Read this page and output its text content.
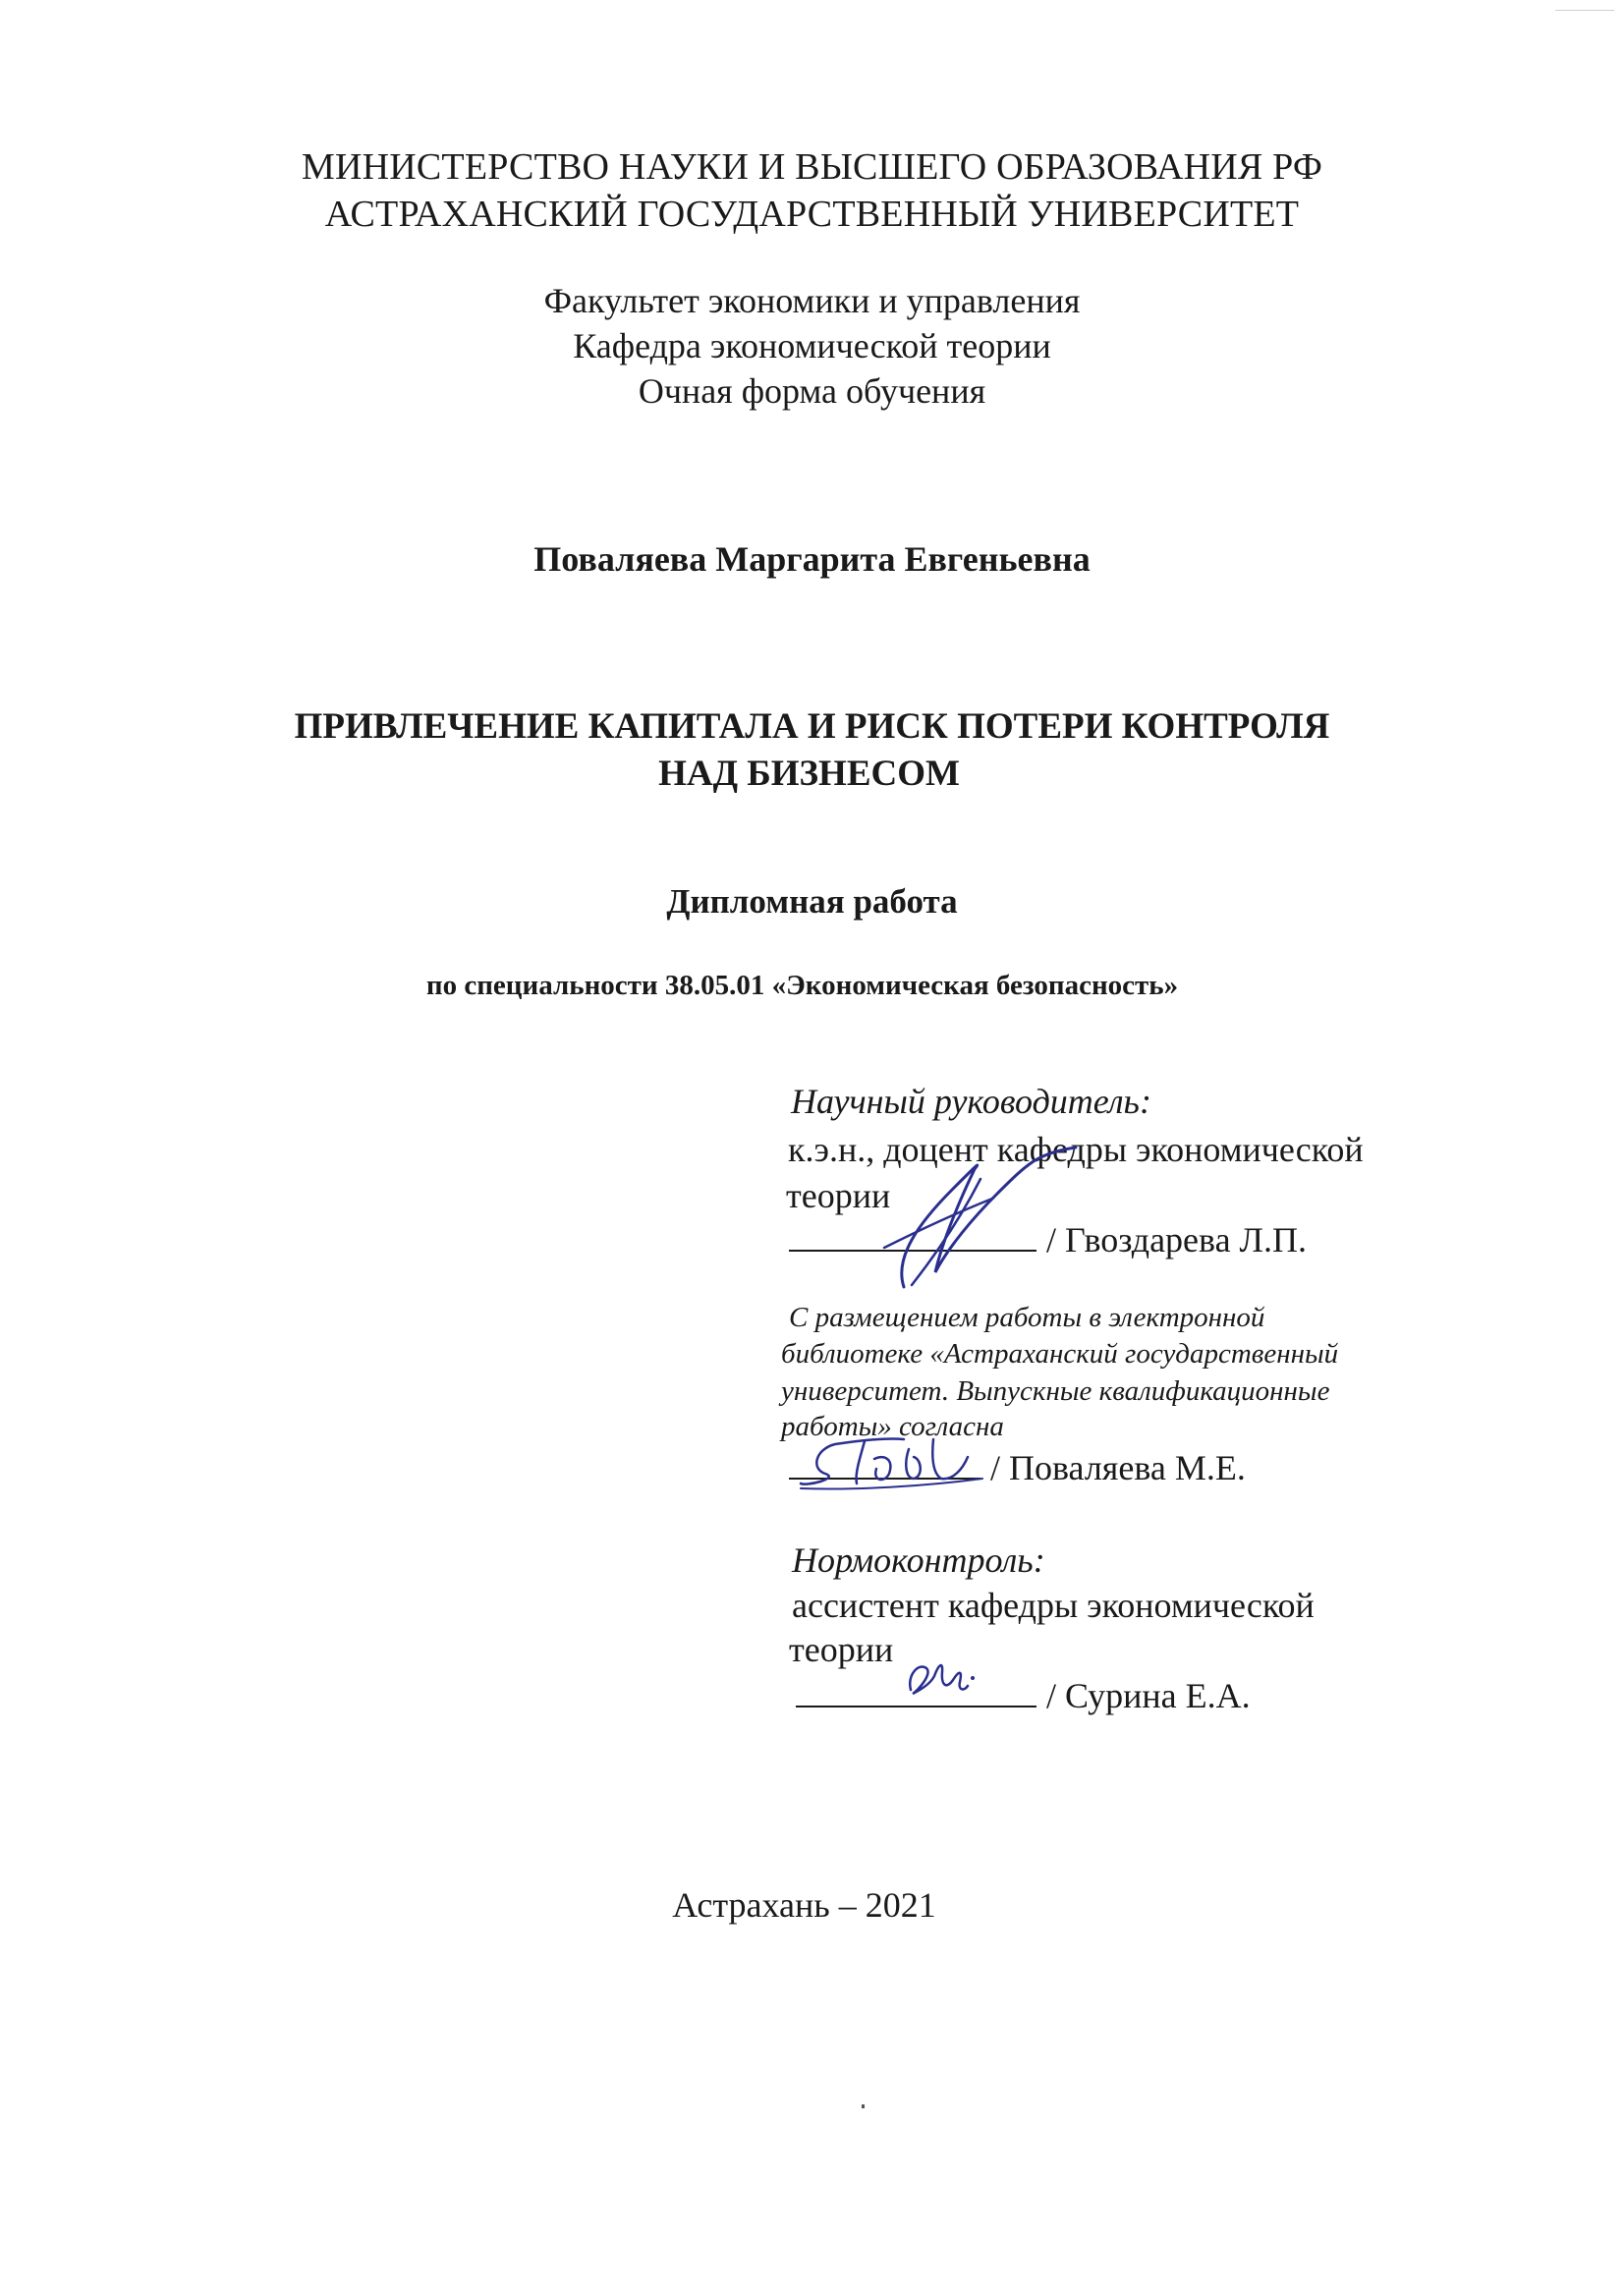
МИНИСТЕРСТВО НАУКИ И ВЫСШЕГО ОБРАЗОВАНИЯ РФ
АСТРАХАНСКИЙ ГОСУДАРСТВЕННЫЙ УНИВЕРСИТЕТ
Факультет экономики и управления
Кафедра экономической теории
Очная форма обучения
Поваляева Маргарита Евгеньевна
ПРИВЛЕЧЕНИЕ КАПИТАЛА И РИСК ПОТЕРИ КОНТРОЛЯ
НАД БИЗНЕСОМ
Дипломная работа
по специальности 38.05.01 «Экономическая безопасность»
Научный руководитель:
к.э.н., доцент кафедры экономической
теории
/ Гвоздарева Л.П.
С размещением работы в электронной
библиотеке «Астраханский государственный
университет. Выпускные квалификационные
работы» согласна
/ Поваляева М.Е.
Нормоконтроль:
ассистент кафедры экономической
теории
/ Сурина Е.А.
Астрахань – 2021
